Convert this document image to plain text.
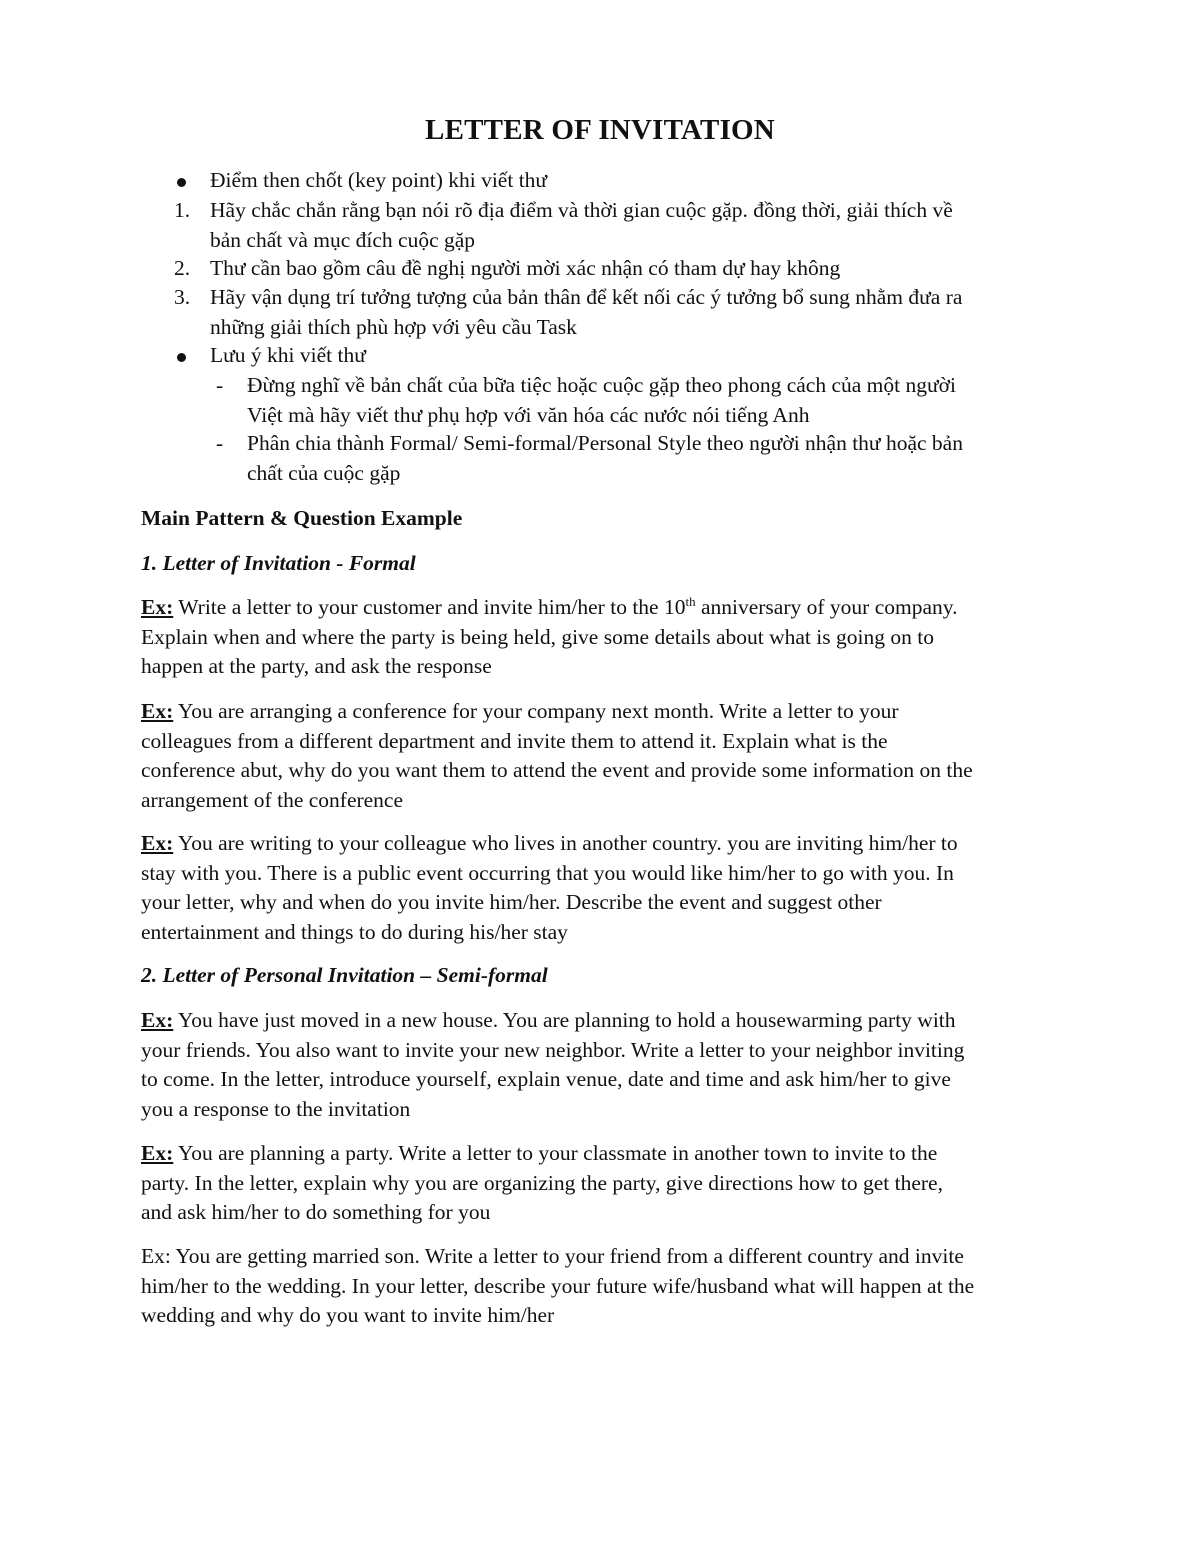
LETTER OF INVITATION
Điểm then chốt (key point) khi viết thư
1. Hãy chắc chắn rằng bạn nói rõ địa điểm và thời gian cuộc gặp. đồng thời, giải thích về
bản chất và mục đích cuộc gặp
2. Thư cần bao gồm câu đề nghị người mời xác nhận có tham dự hay không
3. Hãy vận dụng trí tưởng tượng của bản thân để kết nối các ý tưởng bổ sung nhằm đưa ra
những giải thích phù hợp với yêu cầu Task
Lưu ý khi viết thư
- Đừng nghĩ về bản chất của bữa tiệc hoặc cuộc gặp theo phong cách của một người
Việt mà hãy viết thư phụ hợp với văn hóa các nước nói tiếng Anh
- Phân chia thành Formal/ Semi-formal/Personal Style theo người nhận thư hoặc bản
chất của cuộc gặp
Main Pattern & Question Example
1. Letter of Invitation - Formal
Ex: Write a letter to your customer and invite him/her to the 10th anniversary of your company.
Explain when and where the party is being held, give some details about what is going on to
happen at the party, and ask the response
Ex: You are arranging a conference for your company next month. Write a letter to your
colleagues from a different department and invite them to attend it. Explain what is the
conference abut, why do you want them to attend the event and provide some information on the
arrangement of the conference
Ex: You are writing to your colleague who lives in another country. you are inviting him/her to
stay with you. There is a public event occurring that you would like him/her to go with you. In
your letter, why and when do you invite him/her. Describe the event and suggest other
entertainment and things to do during his/her stay
2. Letter of Personal Invitation – Semi-formal
Ex: You have just moved in a new house. You are planning to hold a housewarming party with
your friends. You also want to invite your new neighbor. Write a letter to your neighbor inviting
to come. In the letter, introduce yourself, explain venue, date and time and ask him/her to give
you a response to the invitation
Ex: You are planning a party. Write a letter to your classmate in another town to invite to the
party. In the letter, explain why you are organizing the party, give directions how to get there,
and ask him/her to do something for you
Ex: You are getting married son. Write a letter to your friend from a different country and invite
him/her to the wedding. In your letter, describe your future wife/husband what will happen at the
wedding and why do you want to invite him/her
